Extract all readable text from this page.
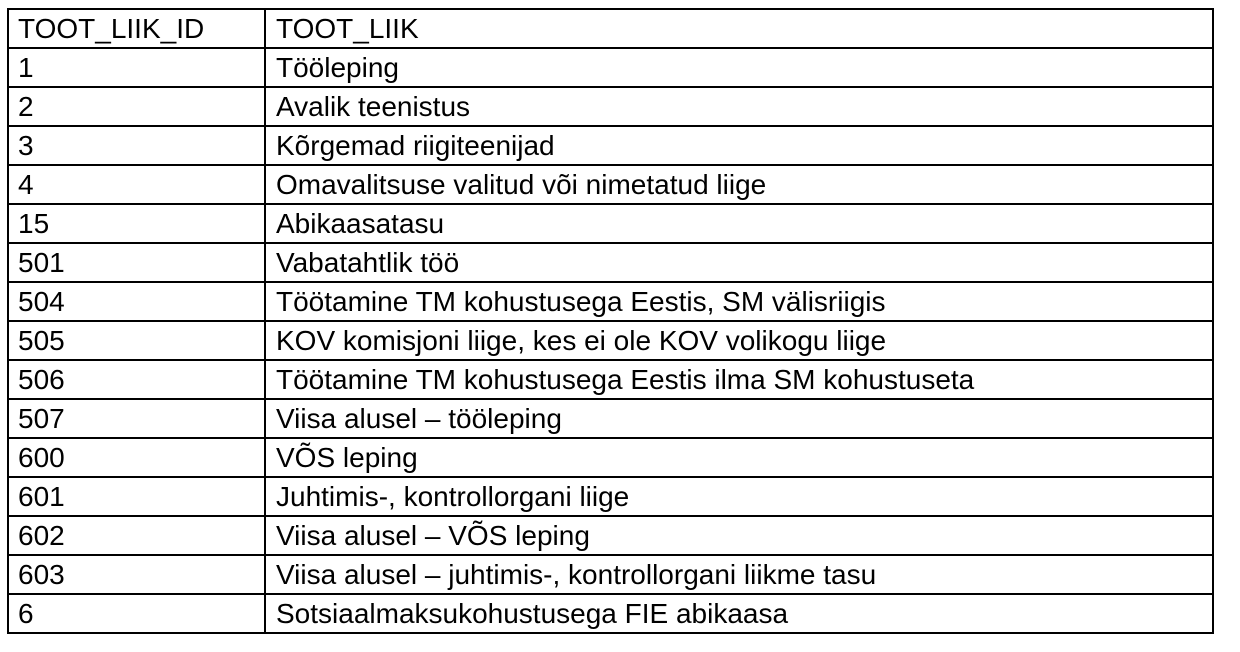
TOOT_LIIK_ID	TOOT_LIIK
1	Tööleping
2	Avalik teenistus
3	Kõrgemad riigiteenijad
4	Omavalitsuse valitud või nimetatud liige
15	Abikaasatasu
501	Vabatahtlik töö
504	Töötamine TM kohustusega Eestis, SM välisriigis
505	KOV komisjoni liige, kes ei ole KOV volikogu liige
506	Töötamine TM kohustusega Eestis ilma SM kohustuseta
507	Viisa alusel – tööleping
600	VÕS leping
601	Juhtimis-, kontrollorgani liige
602	Viisa alusel – VÕS leping
603	Viisa alusel – juhtimis-, kontrollorgani liikme tasu
6	Sotsiaalmaksukohustusega FIE abikaasa
